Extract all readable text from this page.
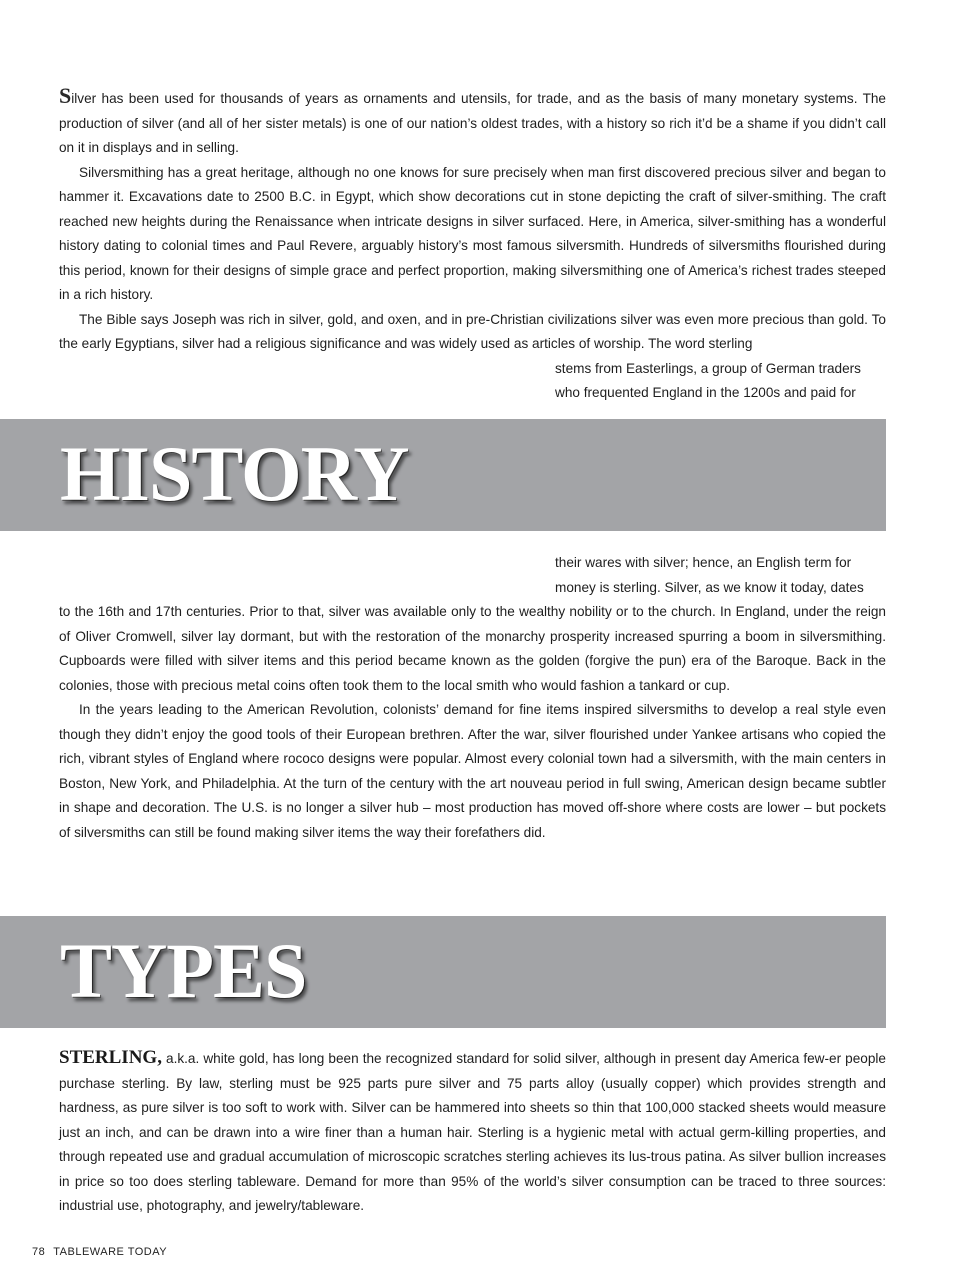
Silver has been used for thousands of years as ornaments and utensils, for trade, and as the basis of many monetary systems. The production of silver (and all of her sister metals) is one of our nation’s oldest trades, with a history so rich it’d be a shame if you didn’t call on it in displays and in selling.

Silversmithing has a great heritage, although no one knows for sure precisely when man first discovered precious silver and began to hammer it. Excavations date to 2500 B.C. in Egypt, which show decorations cut in stone depicting the craft of silver-smithing. The craft reached new heights during the Renaissance when intricate designs in silver surfaced. Here, in America, silver-smithing has a wonderful history dating to colonial times and Paul Revere, arguably history’s most famous silversmith. Hundreds of silversmiths flourished during this period, known for their designs of simple grace and perfect proportion, making silversmithing one of America’s richest trades steeped in a rich history.

The Bible says Joseph was rich in silver, gold, and oxen, and in pre-Christian civilizations silver was even more precious than gold. To the early Egyptians, silver had a religious significance and was widely used as articles of worship. The word sterling

stems from Easterlings, a group of German traders

who frequented England in the 1200s and paid for

HISTORY

their wares with silver; hence, an English term for

money is sterling. Silver, as we know it today, dates

to the 16th and 17th centuries. Prior to that, silver was available only to the wealthy nobility or to the church. In England, under the reign of Oliver Cromwell, silver lay dormant, but with the restoration of the monarchy prosperity increased spurring a boom in silversmithing. Cupboards were filled with silver items and this period became known as the golden (forgive the pun) era of the Baroque. Back in the colonies, those with precious metal coins often took them to the local smith who would fashion a tankard or cup.

In the years leading to the American Revolution, colonists’ demand for fine items inspired silversmiths to develop a real style even though they didn’t enjoy the good tools of their European brethren. After the war, silver flourished under Yankee artisans who copied the rich, vibrant styles of England where rococo designs were popular. Almost every colonial town had a silversmith, with the main centers in Boston, New York, and Philadelphia. At the turn of the century with the art nouveau period in full swing, American design became subtler in shape and decoration. The U.S. is no longer a silver hub – most production has moved off-shore where costs are lower – but pockets of silversmiths can still be found making silver items the way their forefathers did.

TYPES

STERLING, a.k.a. white gold, has long been the recognized standard for solid silver, although in present day America few-er people purchase sterling. By law, sterling must be 925 parts pure silver and 75 parts alloy (usually copper) which provides strength and hardness, as pure silver is too soft to work with. Silver can be hammered into sheets so thin that 100,000 stacked sheets would measure just an inch, and can be drawn into a wire finer than a human hair. Sterling is a hygienic metal with actual germ-killing properties, and through repeated use and gradual accumulation of microscopic scratches sterling achieves its lus-trous patina. As silver bullion increases in price so too does sterling tableware. Demand for more than 95% of the world’s silver consumption can be traced to three sources: industrial use, photography, and jewelry/tableware.

78 TABLEWARE TODAY
